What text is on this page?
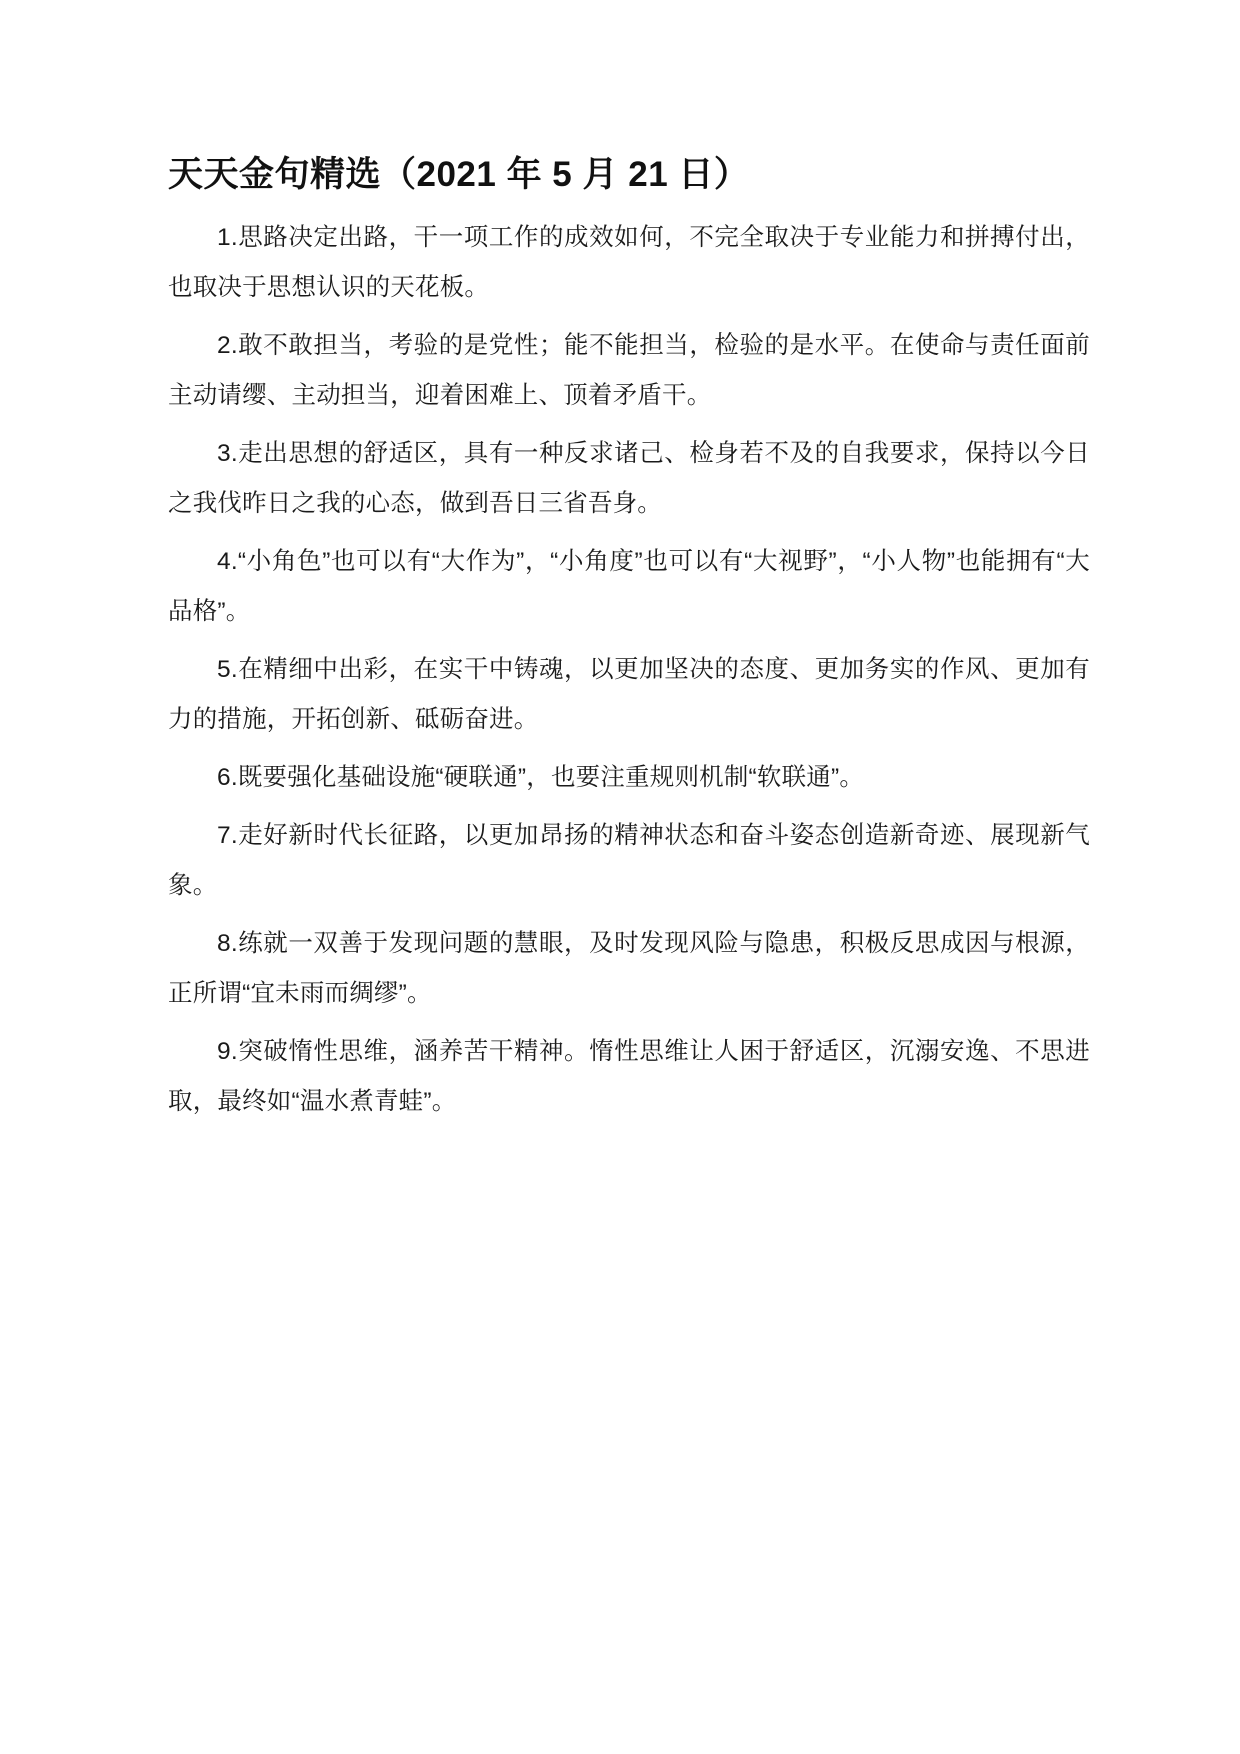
天天金句精选（2021 年 5 月 21 日）

1.思路决定出路，干一项工作的成效如何，不完全取决于专业能力和拼搏付出，也取决于思想认识的天花板。

2.敢不敢担当，考验的是党性；能不能担当，检验的是水平。在使命与责任面前主动请缨、主动担当，迎着困难上、顶着矛盾干。

3.走出思想的舒适区，具有一种反求诸己、检身若不及的自我要求，保持以今日之我伐昨日之我的心态，做到吾日三省吾身。

4.“小角色”也可以有“大作为”，“小角度”也可以有“大视野”，“小人物”也能拥有“大品格”。

5.在精细中出彩，在实干中铸魂，以更加坚决的态度、更加务实的作风、更加有力的措施，开拓创新、砥砺奋进。

6.既要强化基础设施“硬联通”，也要注重规则机制“软联通”。

7.走好新时代长征路，以更加昂扬的精神状态和奋斗姿态创造新奇迹、展现新气象。

8.练就一双善于发现问题的慧眼，及时发现风险与隐患，积极反思成因与根源，正所谓“宜未雨而绸缪”。

9.突破惰性思维，涵养苦干精神。惰性思维让人困于舒适区，沉溺安逸、不思进取，最终如“温水煮青蛙”。
